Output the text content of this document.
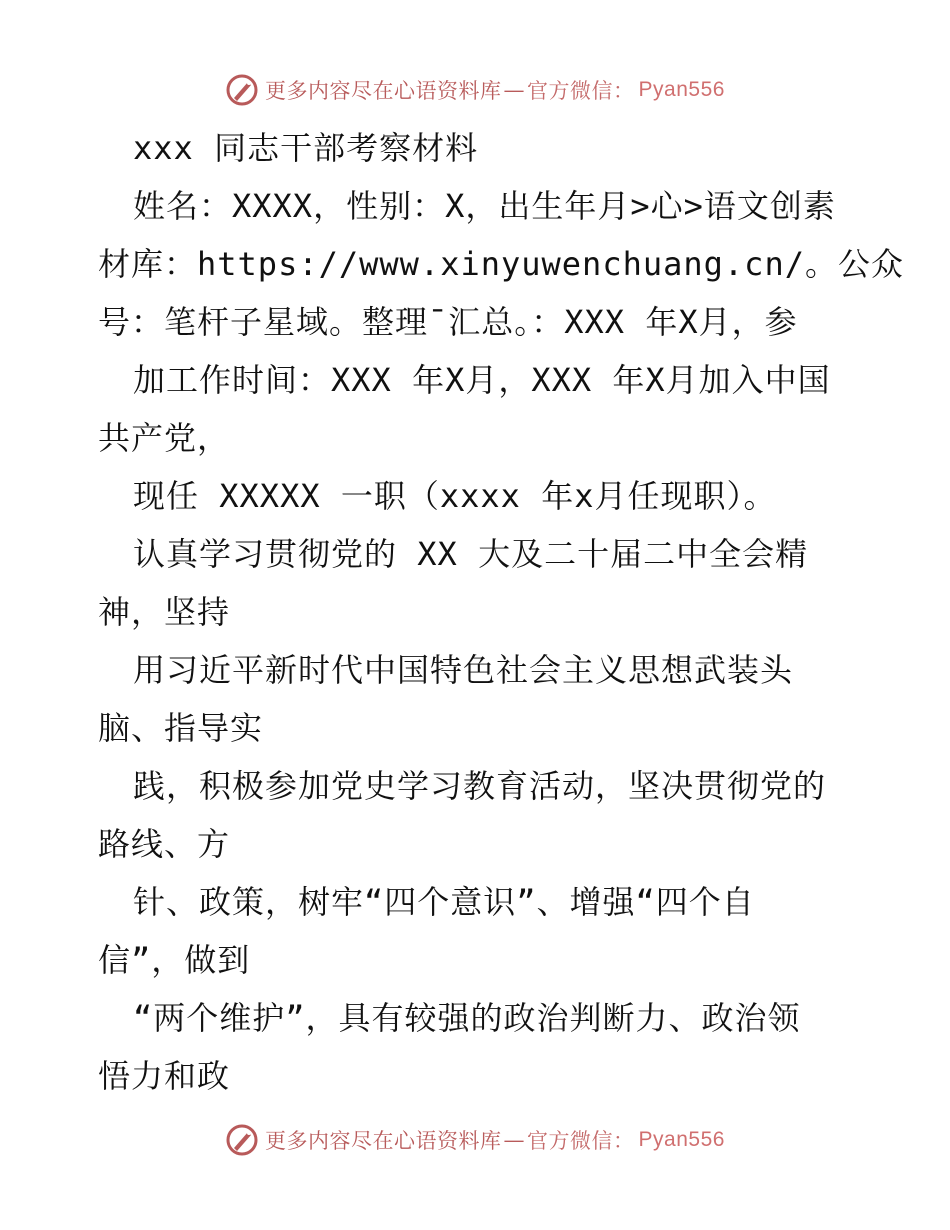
更多内容尽在心语资料库 — 官方微信： Pyan556
xxx 同志干部考察材料
姓名：XXXX，性别：X，出生年月>心>语文创素
材库：https://www.xinyuwenchuang.cn/。公众
号：笔杆子星域。整理¯汇总。：XXX 年X月，参
加工作时间：XXX 年X月，XXX 年X月加入中国
共产党，
现任 XXXXX 一职（xxxx 年x月任现职）。
认真学习贯彻党的 XX 大及二十届二中全会精
神，坚持
用习近平新时代中国特色社会主义思想武装头
脑、指导实
践，积极参加党史学习教育活动，坚决贯彻党的
路线、方
针、政策，树牢“四个意识”、增强“四个自
信”，做到
“两个维护”，具有较强的政治判断力、政治领
悟力和政
更多内容尽在心语资料库 — 官方微信： Pyan556
